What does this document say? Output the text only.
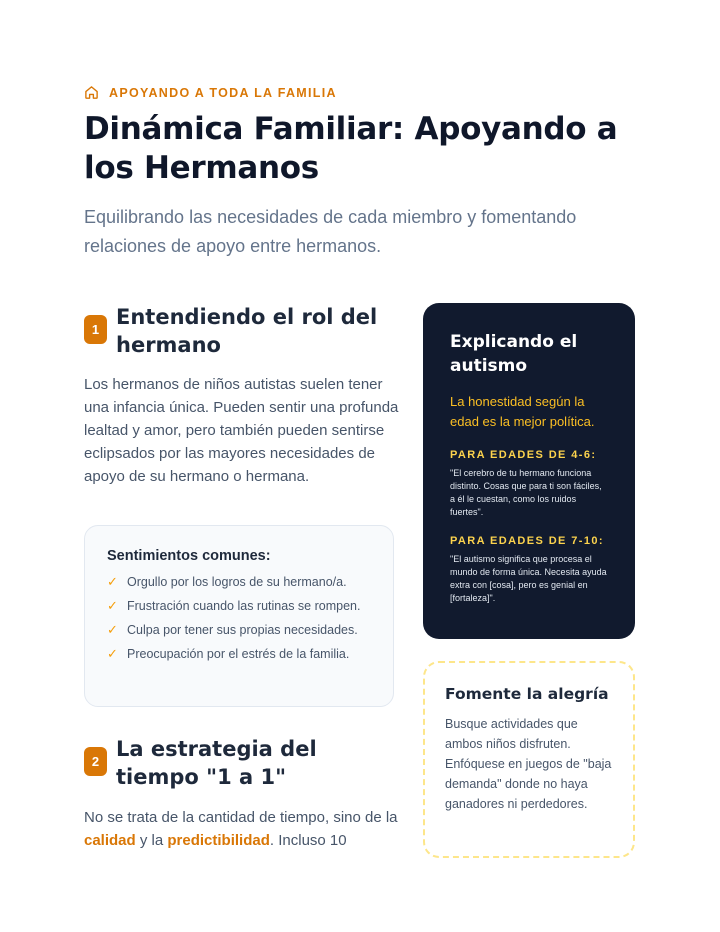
APOYANDO A TODA LA FAMILIA
Dinámica Familiar: Apoyando a los Hermanos

Equilibrando las necesidades de cada miembro y fomentando relaciones de apoyo entre hermanos.

1
Entendiendo el rol del hermano

Los hermanos de niños autistas suelen tener una infancia única. Pueden sentir una profunda lealtad y amor, pero también pueden sentirse eclipsados por las mayores necesidades de apoyo de su hermano o hermana.

Sentimientos comunes:
✓ Orgullo por los logros de su hermano/a.
✓ Frustración cuando las rutinas se rompen.
✓ Culpa por tener sus propias necesidades.
✓ Preocupación por el estrés de la familia.
2
La estrategia del tiempo "1 a 1"

No se trata de la cantidad de tiempo, sino de la calidad y la predictibilidad. Incluso 10

Explicando el autismo

La honestidad según la edad es la mejor política.

PARA EDADES DE 4-6:

"El cerebro de tu hermano funciona distinto. Cosas que para ti son fáciles, a él le cuestan, como los ruidos fuertes".

PARA EDADES DE 7-10:

"El autismo significa que procesa el mundo de forma única. Necesita ayuda extra con [cosa], pero es genial en [fortaleza]".

Fomente la alegría

Busque actividades que ambos niños disfruten. Enfóquese en juegos de "baja demanda" donde no haya ganadores ni perdedores.
